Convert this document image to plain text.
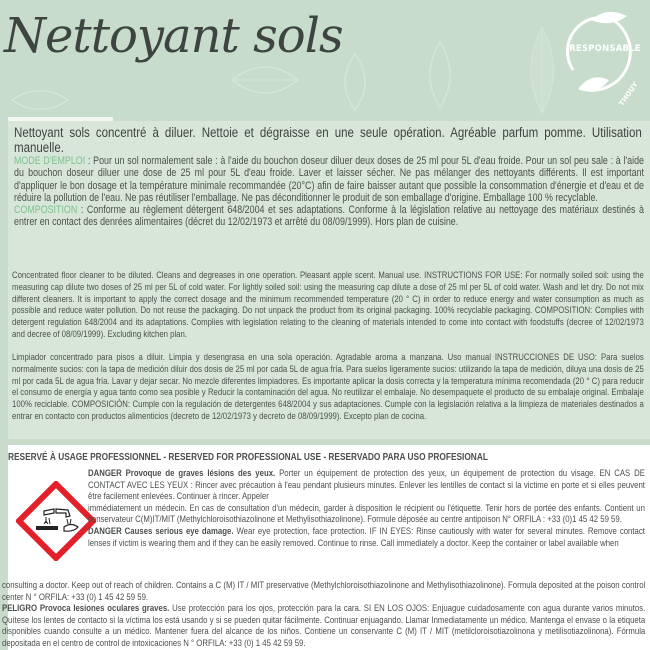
Nettoyant sols	RESPONSABLE
THOUY
Nettoyant sols concentré à diluer. Nettoie et dégraisse en une seule opération. Agréable parfum pomme. Utilisation manuelle.
MODE D'EMPLOI : Pour un sol normalement sale : à l'aide du bouchon doseur diluer deux doses de 25 ml pour 5L d'eau froide. Pour un sol peu sale : à l'aide du bouchon doseur diluer une dose de 25 ml pour 5L d'eau froide. Laver et laisser sécher. Ne pas mélanger des nettoyants différents. Il est important d'appliquer le bon dosage et la température minimale recommandée (20°C) afin de faire baisser autant que possible la consommation d'énergie et d'eau et de réduire la pollution de l'eau. Ne pas réutiliser l'emballage. Ne pas déconditionner le produit de son emballage d'origine. Emballage 100 % recyclable.
COMPOSITION : Conforme au règlement détergent 648/2004 et ses adaptations. Conforme à la législation relative au nettoyage des matériaux destinés à entrer en contact des denrées alimentaires (décret du 12/02/1973 et arrêté du 08/09/1999). Hors plan de cuisine.
Concentrated floor cleaner to be diluted. Cleans and degreases in one operation. Pleasant apple scent. Manual use. INSTRUCTIONS FOR USE: For normally soiled soil: using the measuring cap dilute two doses of 25 ml per 5L of cold water. For lightly soiled soil: using the measuring cap dilute a dose of 25 ml per 5L of cold water. Wash and let dry. Do not mix different cleaners. It is important to apply the correct dosage and the minimum recommended temperature (20 ° C) in order to reduce energy and water consumption as much as possible and reduce water pollution. Do not reuse the packaging. Do not unpack the product from its original packaging. 100% recyclable packaging. COMPOSITION: Complies with detergent regulation 648/2004 and its adaptations. Complies with legislation relating to the cleaning of materials intended to come into contact with foodstuffs (decree of 12/02/1973 and decree of 08/09/1999). Excluding kitchen plan.
Limpiador concentrado para pisos a diluir. Limpia y desengrasa en una sola operación. Agradable aroma a manzana. Uso manual INSTRUCCIONES DE USO: Para suelos normalmente sucios: con la tapa de medición diluir dos dosis de 25 ml por cada 5L de agua fría. Para suelos ligeramente sucios: utilizando la tapa de medición, diluya una dosis de 25 ml por cada 5L de agua fría. Lavar y dejar secar. No mezcle diferentes limpiadores. Es importante aplicar la dosis correcta y la temperatura mínima recomendada (20 ° C) para reducir el consumo de energía y agua tanto como sea posible y Reducir la contaminación del agua. No reutilizar el embalaje. No desempaquete el producto de su embalaje original. Embalaje 100% reciclable. COMPOSICIÓN: Cumple con la regulación de detergentes 648/2004 y sus adaptaciones. Cumple con la legislación relativa a la limpieza de materiales destinados a entrar en contacto con productos alimenticios (decreto de 12/02/1973 y decreto de 08/09/1999). Excepto plan de cocina.
RESERVÉ À USAGE PROFESSIONNEL - RESERVED FOR PROFESSIONAL USE - RESERVADO PARA USO PROFESIONAL
DANGER Provoque de graves lésions des yeux. Porter un équipement de protection des yeux, un équipement de protection du visage. EN CAS DE CONTACT AVEC LES YEUX : Rincer avec précaution à l'eau pendant plusieurs minutes. Enlever les lentilles de contact si la victime en porte et si elles peuvent être facilement enlevées. Continuer à rincer. Appeler
immédiatement un médecin. En cas de consultation d'un médecin, garder à disposition le récipient ou l'étiquette. Tenir hors de portée des enfants. Contient un conservateur C(M)IT/MIT (Methylchloroisothiazolinone et Methylisothiazolinone). Formule déposée au centre antipoison N° ORFILA : +33 (0)1 45 42 59 59.
DANGER Causes serious eye damage. Wear eye protection, face protection. IF IN EYES: Rinse cautiously with water for several minutes. Remove contact lenses if victim is wearing them and if they can be easily removed. Continue to rinse. Call immediately a doctor. Keep the container or label available when
consulting a doctor. Keep out of reach of children. Contains a C (M) IT / MIT preservative (Methylchloroisothiazolinone and Methylisothiazolinone). Formula deposited at the poison control center N ° ORFILA: +33 (0) 1 45 42 59 59.
PELIGRO Provoca lesiones oculares graves. Use protección para los ojos, protección para la cara. SI EN LOS OJOS: Enjuague cuidadosamente con agua durante varios minutos. Quítese los lentes de contacto si la víctima los está usando y si se pueden quitar fácilmente. Continuar enjuagando. Llamar Inmediatamente un médico. Mantenga el envase o la etiqueta disponibles cuando consulte a un médico. Mantener fuera del alcance de los niños. Contiene un conservante C (M) IT / MIT (metilcloroisotiazolinona y metilisotiazolinona). Fórmula depositada en el centro de control de intoxicaciones N ° ORFILA: +33 (0) 1 45 42 59 59.
